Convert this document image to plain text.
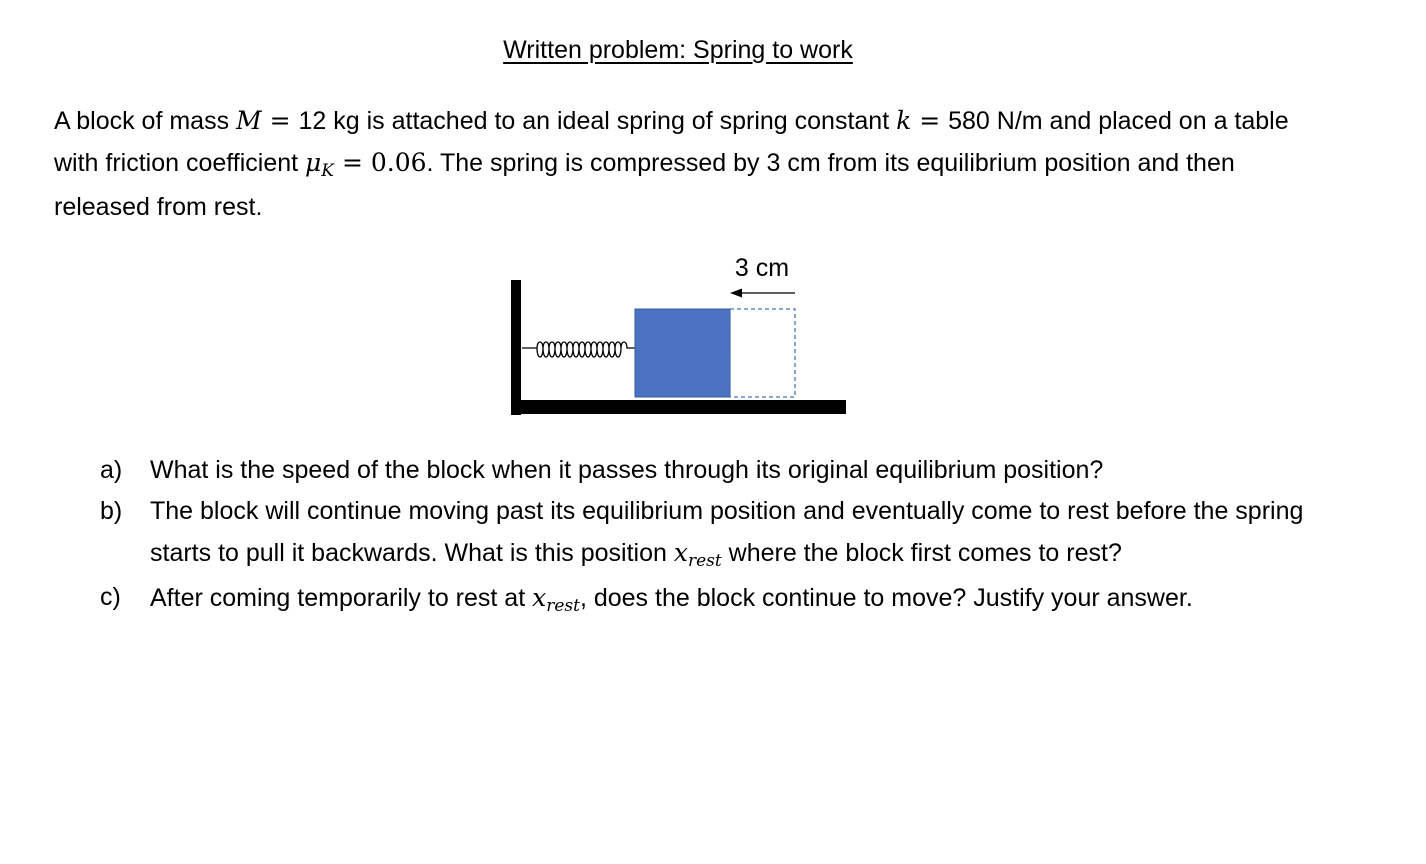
Written problem: Spring to work
A block of mass M = 12 kg is attached to an ideal spring of spring constant k = 580 N/m and placed on a table with friction coefficient $\mu_K = 0.06$. The spring is compressed by 3 cm from its equilibrium position and then released from rest.
3 cm
a)	What is the speed of the block when it passes through its original equilibrium position?
b)	The block will continue moving past its equilibrium position and eventually come to rest before the spring starts to pull it backwards. What is this position $x_{rest}$ where the block first comes to rest?
c)	After coming temporarily to rest at $x_{rest}$, does the block continue to move? Justify your answer.
